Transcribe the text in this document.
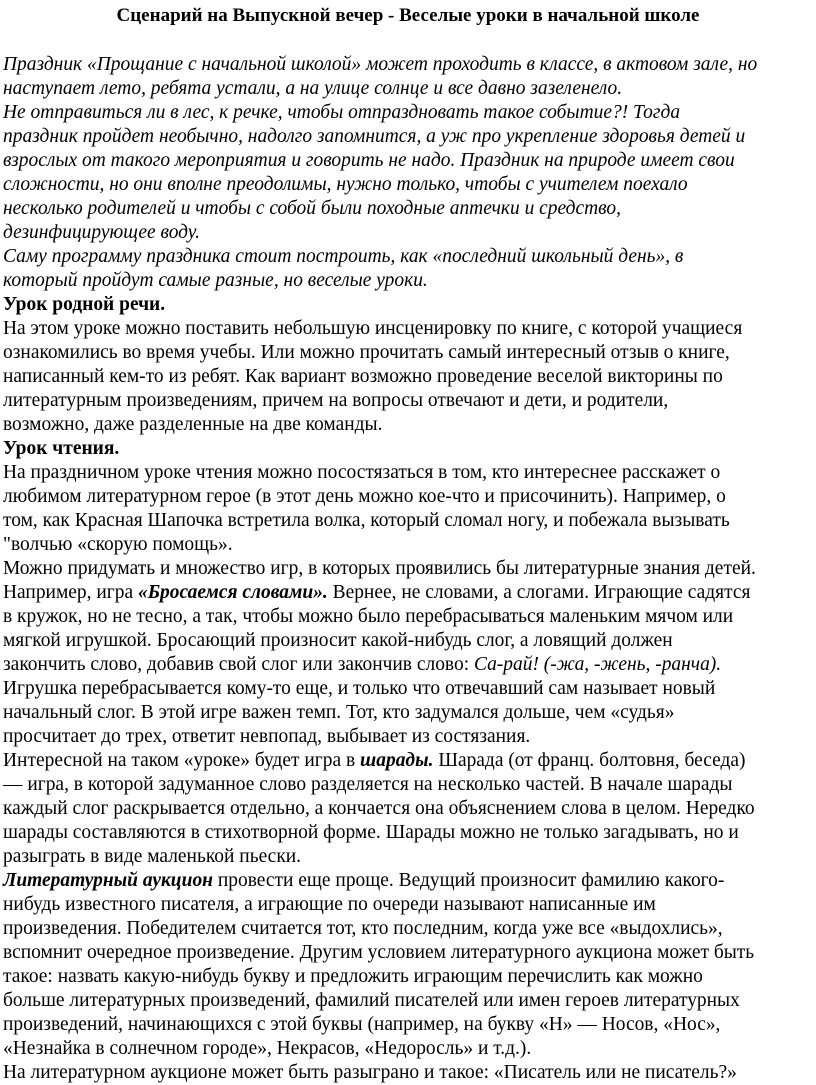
Сценарий на Выпускной вечер - Веселые уроки в начальной школе

Праздник «Прощание с начальной школой» может проходить в классе, в актовом зале, но

наступает лето, ребята устали, а на улице солнце и все давно зазеленело.

Не отправиться ли в лес, к речке, чтобы отпраздновать такое событие?! Тогда

праздник пройдет необычно, надолго запомнится, а уж про укрепление здоровья детей и

взрослых от такого мероприятия и говорить не надо. Праздник на природе имеет свои

сложности, но они вполне преодолимы, нужно только, чтобы с учителем поехало

несколько родителей и чтобы с собой были походные аптечки и средство,

дезинфицирующее воду.

Саму программу праздника стоит построить, как «последний школьный день», в

который пройдут самые разные, но веселые уроки.

Урок родной речи.

На этом уроке можно поставить небольшую инсценировку по книге, с которой учащиеся

ознакомились во время учебы. Или можно прочитать самый интересный отзыв о книге,

написанный кем-то из ребят. Как вариант возможно проведение веселой викторины по

литературным произведениям, причем на вопросы отвечают и дети, и родители,

возможно, даже разделенные на две команды.

Урок чтения.

На праздничном уроке чтения можно посостязаться в том, кто интереснее расскажет о

любимом литературном герое (в этот день можно кое-что и присочинить). Например, о

том, как Красная Шапочка встретила волка, который сломал ногу, и побежала вызывать

"волчью «скорую помощь».

Можно придумать и множество игр, в которых проявились бы литературные знания детей.

Например, игра «Бросаемся словами». Вернее, не словами, а слогами. Играющие садятся

в кружок, но не тесно, а так, чтобы можно было перебрасываться маленьким мячом или

мягкой игрушкой. Бросающий произносит какой-нибудь слог, а ловящий должен

закончить слово, добавив свой слог или закончив слово: Са-рай! (-жа, -жень, -ранча).

Игрушка перебрасывается кому-то еще, и только что отвечавший сам называет новый

начальный слог. В этой игре важен темп. Тот, кто задумался дольше, чем «судья»

просчитает до трех, ответит невпопад, выбывает из состязания.

Интересной на таком «уроке» будет игра в шарады. Шарада (от франц. болтовня, беседа)

— игра, в которой задуманное слово разделяется на несколько частей. В начале шарады

каждый слог раскрывается отдельно, а кончается она объяснением слова в целом. Нередко

шарады составляются в стихотворной форме. Шарады можно не только загадывать, но и

разыграть в виде маленькой пьески.

Литературный аукцион провести еще проще. Ведущий произносит фамилию какого-

нибудь известного писателя, а играющие по очереди называют написанные им

произведения. Победителем считается тот, кто последним, когда уже все «выдохлись»,

вспомнит очередное произведение. Другим условием литературного аукциона может быть

такое: назвать какую-нибудь букву и предложить играющим перечислить как можно

больше литературных произведений, фамилий писателей или имен героев литературных

произведений, начинающихся с этой буквы (например, на букву «Н» — Носов, «Нос»,

«Незнайка в солнечном городе», Некрасов, «Недоросль» и т.д.).

На литературном аукционе может быть разыграно и такое: «Писатель или не писатель?»
